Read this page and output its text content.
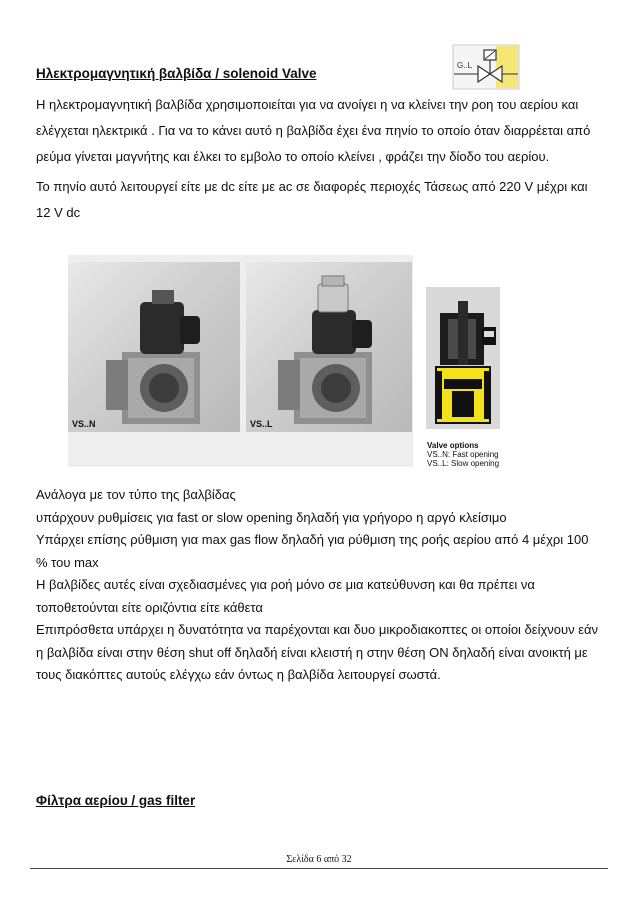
Ηλεκτρομαγνητική βαλβίδα / solenoid Valve
G..L
Η ηλεκτρομαγνητική βαλβίδα χρησιμοποιείται για να ανοίγει η να κλείνει την ροη του αερίου και
ελέγχεται ηλεκτρικά . Για να το κάνει αυτό η βαλβίδα έχει ένα πηνίο το οποίο όταν διαρρέεται από
ρεύμα γίνεται μαγνήτης και έλκει το εμβολο το οποίο κλείνει , φράζει την δίοδο του αερίου.
Το πηνίο αυτό λειτουργεί είτε με dc είτε με ac σε διαφορές περιοχές Τάσεως από 220 V μέχρι και
12 V dc
VS..N	VS..L
Valve options
VS..N: Fast opening
VS..L: Slow opening
Ανάλογα με τον τύπο της βαλβίδας
υπάρχουν ρυθμίσεις για fast or slow opening δηλαδή για γρήγορο η αργό κλείσιμο
Υπάρχει επίσης ρύθμιση για max gas flow δηλαδή για ρύθμιση της ροής αερίου από 4 μέχρι 100
% του max
Η βαλβίδες αυτές είναι σχεδιασμένες για ροή μόνο σε μια κατεύθυνση και θα πρέπει να
τοποθετούνται είτε οριζόντια είτε κάθετα
Επιπρόσθετα υπάρχει η δυνατότητα να παρέχονται και δυο μικροδιακοπτες οι οποίοι δείχνουν εάν
η βαλβίδα είναι στην θέση shut off δηλαδή είναι κλειστή η στην θέση ON δηλαδή είναι ανοικτή με
τους διακόπτες αυτούς ελέγχω εάν όντως η βαλβίδα λειτουργεί σωστά.
Φίλτρα αερίου / gas filter
Σελίδα 6 από 32
